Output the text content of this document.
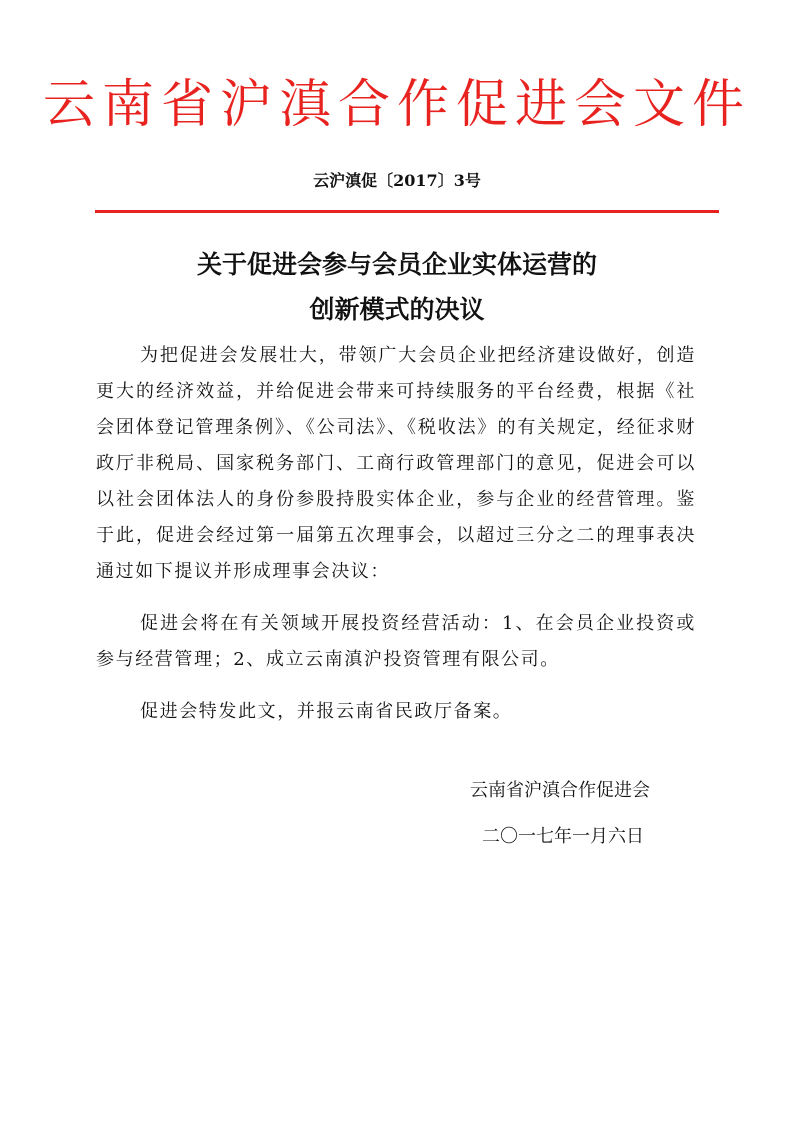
云南省沪滇合作促进会文件
云沪滇促〔2017〕3号
关于促进会参与会员企业实体运营的
创新模式的决议

为把促进会发展壮大，带领广大会员企业把经济建设做好，创造更大的经济效益，并给促进会带来可持续服务的平台经费，根据《社会团体登记管理条例》、《公司法》、《税收法》的有关规定，经征求财政厅非税局、国家税务部门、工商行政管理部门的意见，促进会可以以社会团体法人的身份参股持股实体企业，参与企业的经营管理。鉴于此，促进会经过第一届第五次理事会，以超过三分之二的理事表决通过如下提议并形成理事会决议：

促进会将在有关领域开展投资经营活动：1、在会员企业投资或参与经营管理；2、成立云南滇沪投资管理有限公司。

促进会特发此文，并报云南省民政厅备案。

云南省沪滇合作促进会
二〇一七年一月六日
